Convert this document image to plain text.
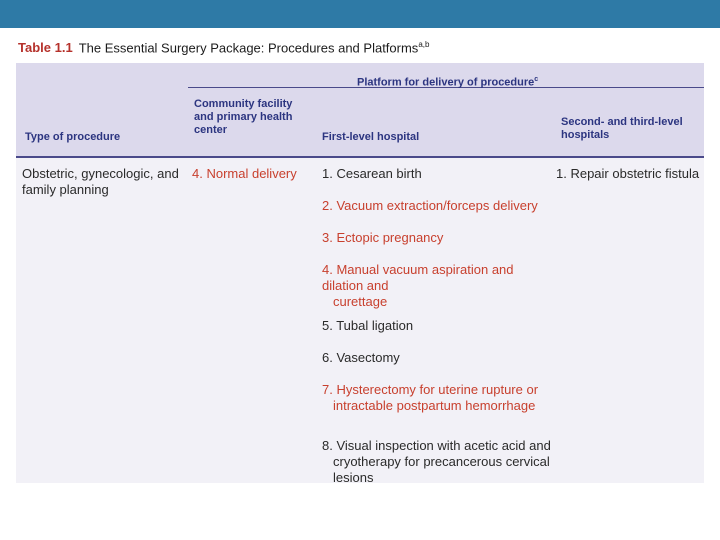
Table 1.1 The Essential Surgery Package: Procedures and Platforms$^{a,b}$
Platform for delivery of procedure$^c$
Type of procedure
Community facility
and primary health
center
First-level hospital
Second- and third-level
hospitals
Obstetric, gynecologic, and
family planning
4. Normal delivery	1. Repair obstetric fistula
1. Cesarean birth
2. Vacuum extraction/forceps delivery
3. Ectopic pregnancy
4. Manual vacuum aspiration and dilation and
curettage
5. Tubal ligation
6. Vasectomy
7. Hysterectomy for uterine rupture or
intractable postpartum hemorrhage
8. Visual inspection with acetic acid and
cryotherapy for precancerous cervical lesions
